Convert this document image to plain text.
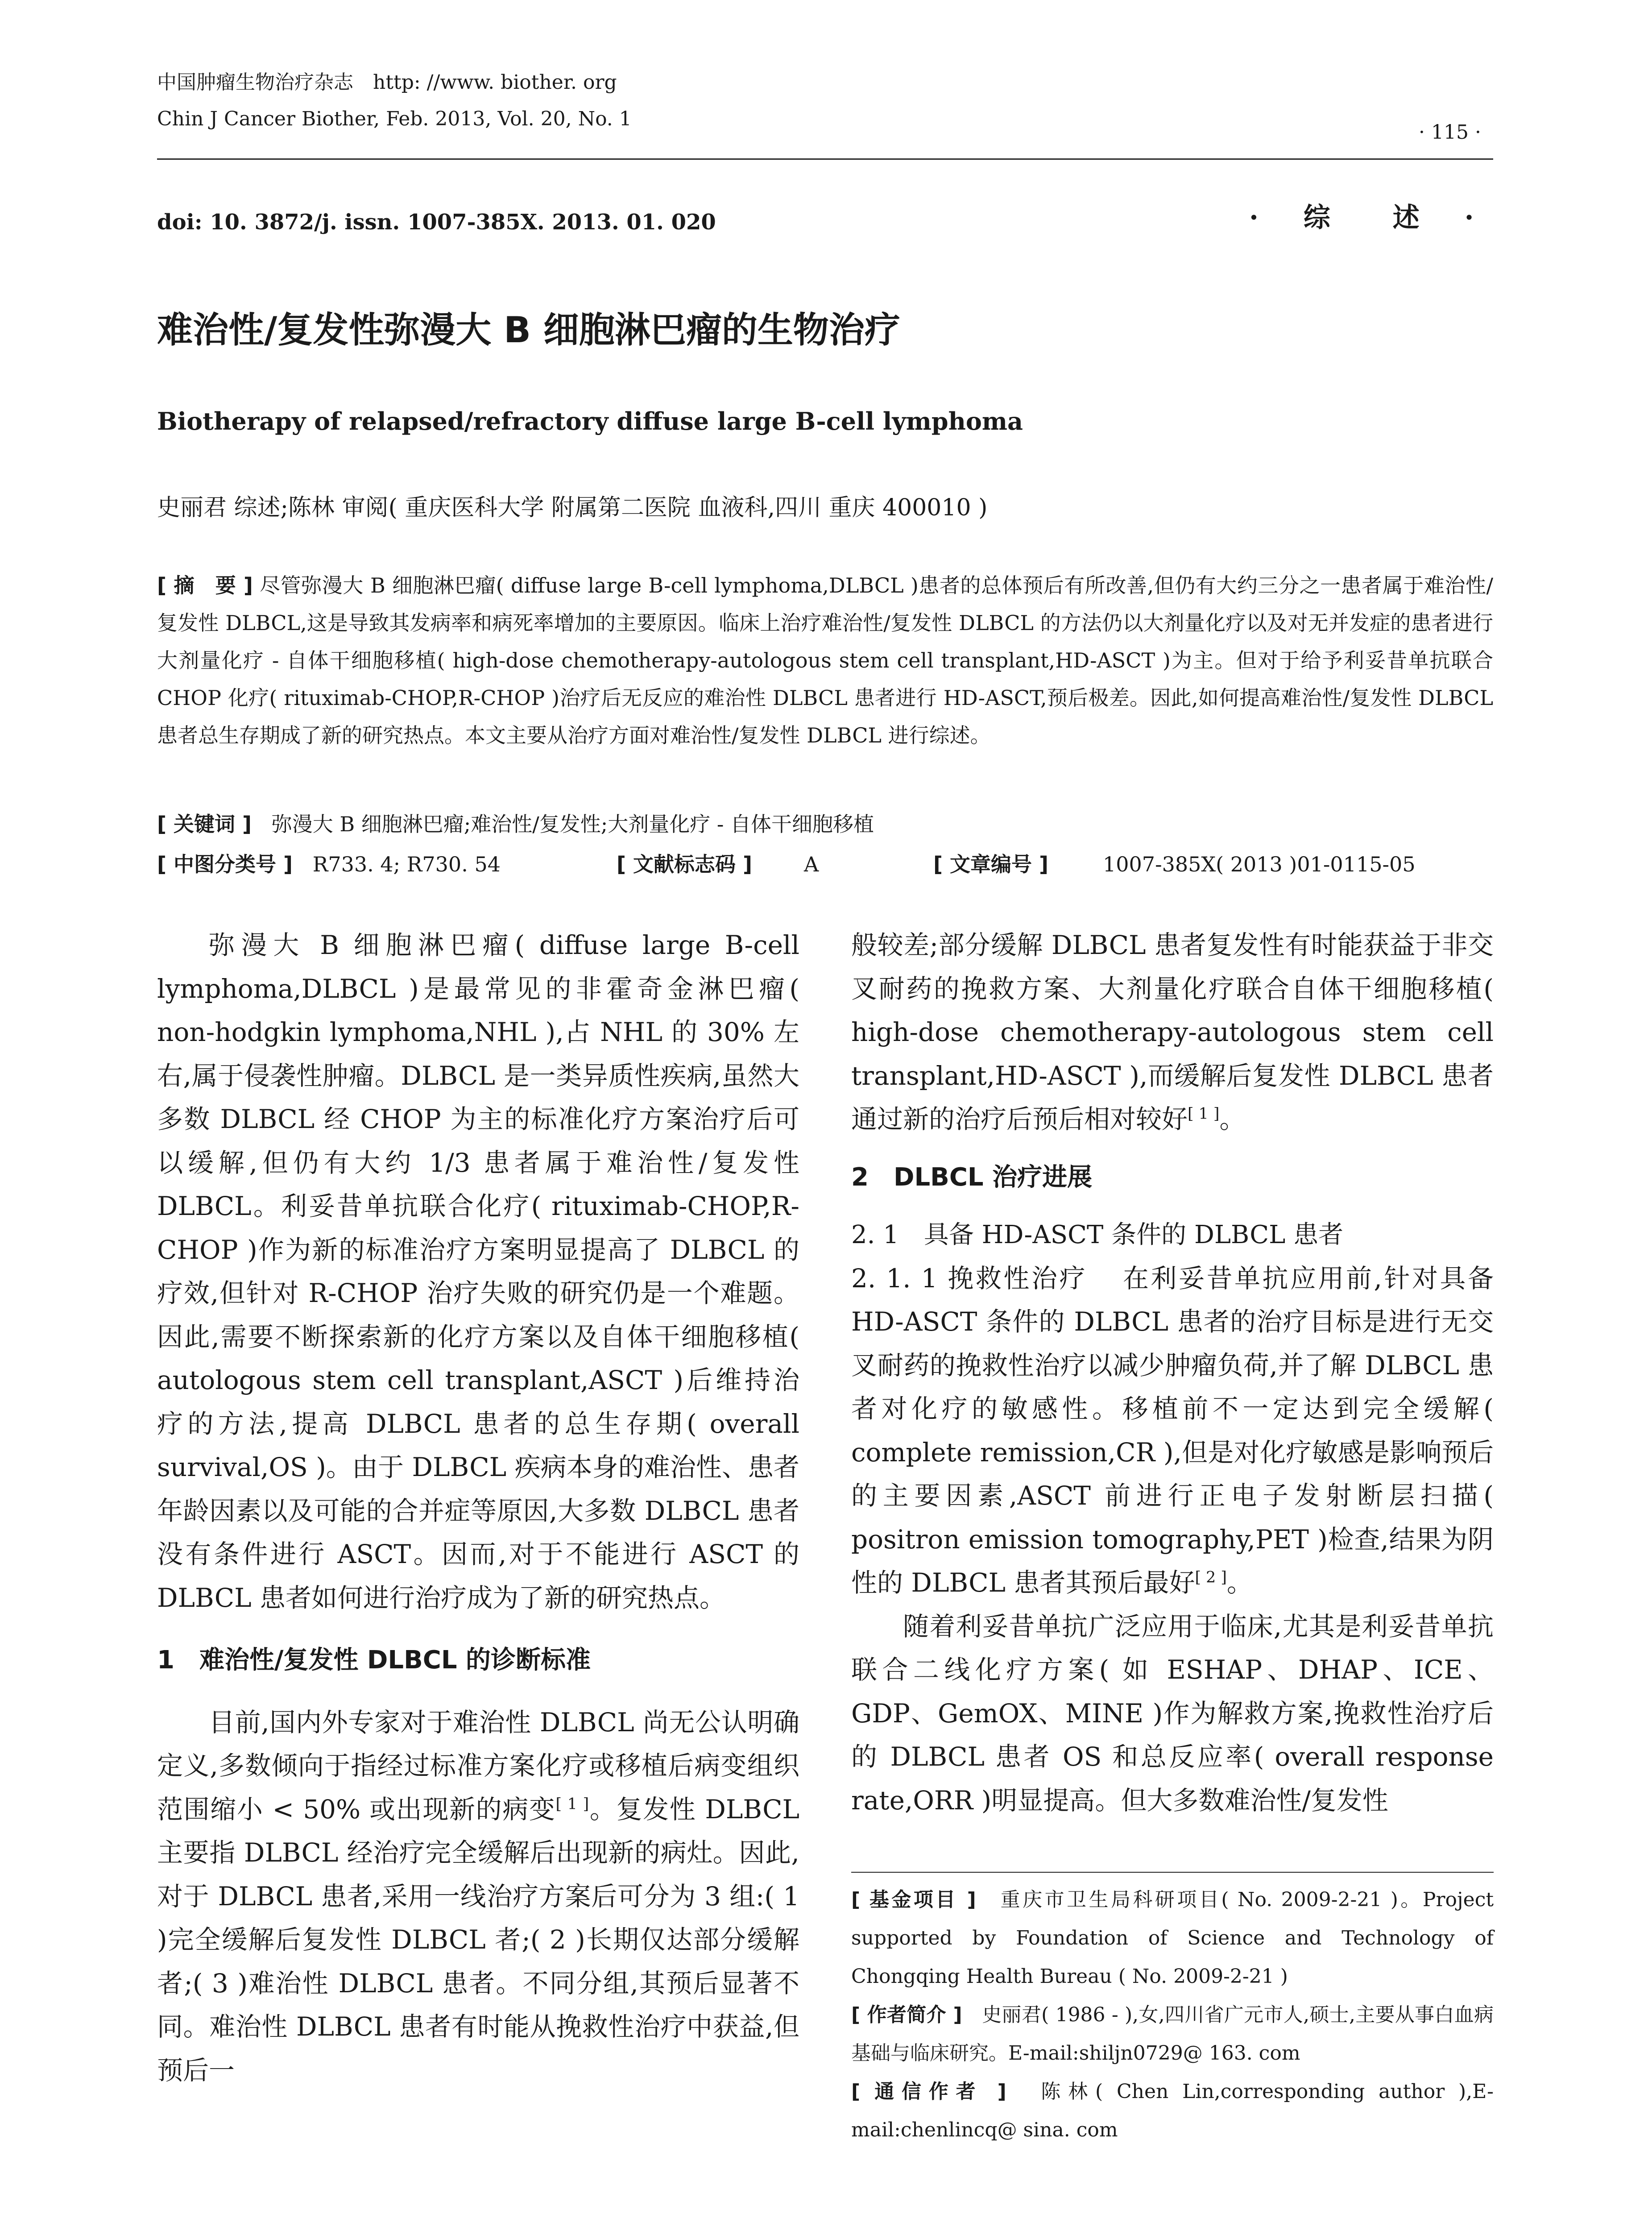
中国肿瘤生物治疗杂志　http: //www. biother. org
Chin J Cancer Biother, Feb. 2013, Vol. 20, No. 1
· 115 ·
doi: 10. 3872/j. issn. 1007-385X. 2013. 01. 020	· 综　述 ·
难治性/复发性弥漫大 B 细胞淋巴瘤的生物治疗
Biotherapy of relapsed/refractory diffuse large B-cell lymphoma
史丽君 综述;陈林 审阅( 重庆医科大学 附属第二医院 血液科,四川 重庆 400010 )
[ 摘　要 ] 尽管弥漫大 B 细胞淋巴瘤( diffuse large B-cell lymphoma,DLBCL )患者的总体预后有所改善,但仍有大约三分之一患者属于难治性/复发性 DLBCL,这是导致其发病率和病死率增加的主要原因。临床上治疗难治性/复发性 DLBCL 的方法仍以大剂量化疗以及对无并发症的患者进行大剂量化疗 - 自体干细胞移植( high-dose chemotherapy-autologous stem cell transplant,HD-ASCT )为主。但对于给予利妥昔单抗联合 CHOP 化疗( rituximab-CHOP,R-CHOP )治疗后无反应的难治性 DLBCL 患者进行 HD-ASCT,预后极差。因此,如何提高难治性/复发性 DLBCL 患者总生存期成了新的研究热点。本文主要从治疗方面对难治性/复发性 DLBCL 进行综述。
[ 关键词 ] 弥漫大 B 细胞淋巴瘤;难治性/复发性;大剂量化疗 - 自体干细胞移植
[ 中图分类号 ] R733. 4; R730. 54	[ 文献标志码 ]	A	[ 文章编号 ]	1007-385X( 2013 )01-0115-05

弥漫大 B 细胞淋巴瘤( diffuse large B-cell lymphoma,DLBCL )是最常见的非霍奇金淋巴瘤( non-hodgkin lymphoma,NHL ),占 NHL 的 30% 左右,属于侵袭性肿瘤。DLBCL 是一类异质性疾病,虽然大多数 DLBCL 经 CHOP 为主的标准化疗方案治疗后可以缓解,但仍有大约 1/3 患者属于难治性/复发性 DLBCL。利妥昔单抗联合化疗( rituximab-CHOP,R-CHOP )作为新的标准治疗方案明显提高了 DLBCL 的疗效,但针对 R-CHOP 治疗失败的研究仍是一个难题。因此,需要不断探索新的化疗方案以及自体干细胞移植( autologous stem cell transplant,ASCT )后维持治疗的方法,提高 DLBCL 患者的总生存期( overall survival,OS )。由于 DLBCL 疾病本身的难治性、患者年龄因素以及可能的合并症等原因,大多数 DLBCL 患者没有条件进行 ASCT。因而,对于不能进行 ASCT 的 DLBCL 患者如何进行治疗成为了新的研究热点。

1　难治性/复发性 DLBCL 的诊断标准

目前,国内外专家对于难治性 DLBCL 尚无公认明确定义,多数倾向于指经过标准方案化疗或移植后病变组织范围缩小 < 50% 或出现新的病变[ 1 ]。复发性 DLBCL 主要指 DLBCL 经治疗完全缓解后出现新的病灶。因此,对于 DLBCL 患者,采用一线治疗方案后可分为 3 组:( 1 )完全缓解后复发性 DLBCL 者;( 2 )长期仅达部分缓解者;( 3 )难治性 DLBCL 患者。不同分组,其预后显著不同。难治性 DLBCL 患者有时能从挽救性治疗中获益,但预后一

般较差;部分缓解 DLBCL 患者复发性有时能获益于非交叉耐药的挽救方案、大剂量化疗联合自体干细胞移植( high-dose chemotherapy-autologous stem cell transplant,HD-ASCT ),而缓解后复发性 DLBCL 患者通过新的治疗后预后相对较好[ 1 ]。

2　DLBCL 治疗进展
2. 1　具备 HD-ASCT 条件的 DLBCL 患者

2. 1. 1 挽救性治疗 在利妥昔单抗应用前,针对具备 HD-ASCT 条件的 DLBCL 患者的治疗目标是进行无交叉耐药的挽救性治疗以减少肿瘤负荷,并了解 DLBCL 患者对化疗的敏感性。移植前不一定达到完全缓解( complete remission,CR ),但是对化疗敏感是影响预后的主要因素,ASCT 前进行正电子发射断层扫描( positron emission tomography,PET )检查,结果为阴性的 DLBCL 患者其预后最好[ 2 ]。

随着利妥昔单抗广泛应用于临床,尤其是利妥昔单抗联合二线化疗方案( 如 ESHAP、DHAP、ICE、GDP、GemOX、MINE )作为解救方案,挽救性治疗后的 DLBCL 患者 OS 和总反应率( overall response rate,ORR )明显提高。但大多数难治性/复发性

[ 基金项目 ]　 重庆市卫生局科研项目( No. 2009-2-21 )。Project supported by Foundation of Science and Technology of Chongqing Health Bureau ( No. 2009-2-21 )

[ 作者简介 ]　 史丽君( 1986 - ),女,四川省广元市人,硕士,主要从事白血病基础与临床研究。E-mail:shiljn0729@ 163. com

[ 通信作者 ]　 陈林( Chen Lin,corresponding author ),E-mail:chenlincq@ sina. com
